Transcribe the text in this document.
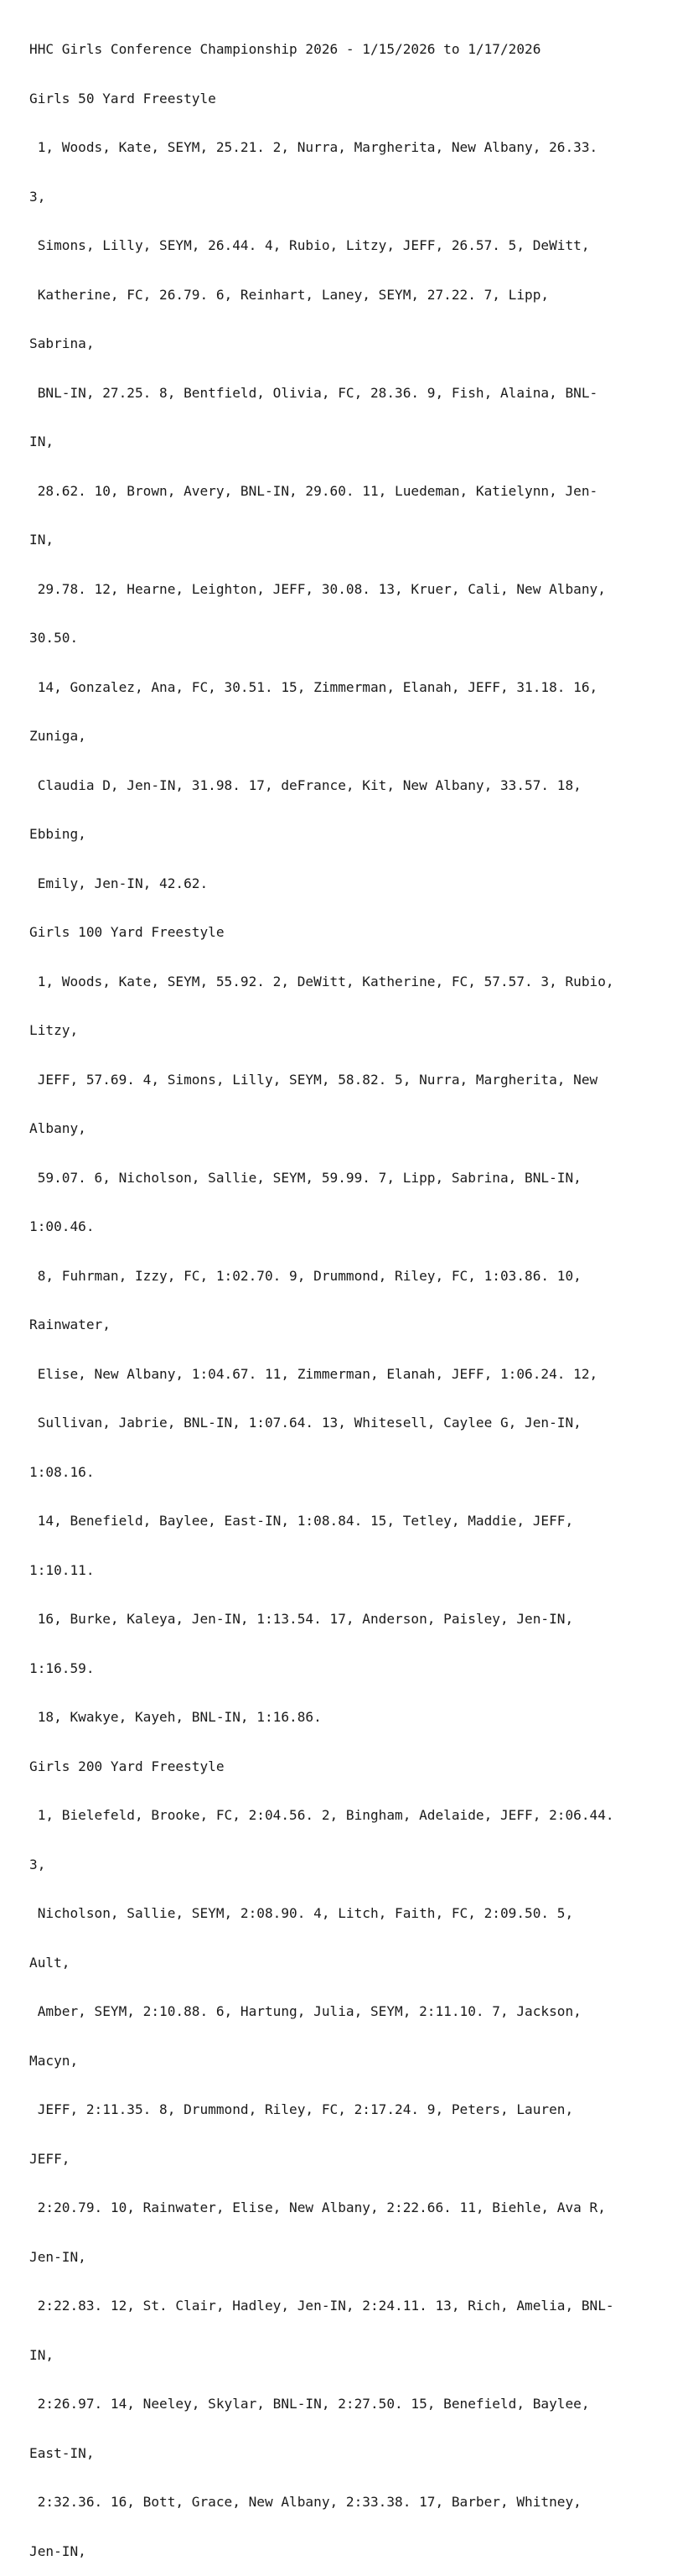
HHC Girls Conference Championship 2026 - 1/15/2026 to 1/17/2026

Girls 50 Yard Freestyle

1, Woods, Kate, SEYM, 25.21. 2, Nurra, Margherita, New Albany, 26.33.

3,

Simons, Lilly, SEYM, 26.44. 4, Rubio, Litzy, JEFF, 26.57. 5, DeWitt,

Katherine, FC, 26.79. 6, Reinhart, Laney, SEYM, 27.22. 7, Lipp,

Sabrina,

BNL-IN, 27.25. 8, Bentfield, Olivia, FC, 28.36. 9, Fish, Alaina, BNL-

IN,

28.62. 10, Brown, Avery, BNL-IN, 29.60. 11, Luedeman, Katielynn, Jen-

IN,

29.78. 12, Hearne, Leighton, JEFF, 30.08. 13, Kruer, Cali, New Albany,

30.50.

14, Gonzalez, Ana, FC, 30.51. 15, Zimmerman, Elanah, JEFF, 31.18. 16,

Zuniga,

Claudia D, Jen-IN, 31.98. 17, deFrance, Kit, New Albany, 33.57. 18,

Ebbing,

Emily, Jen-IN, 42.62.

Girls 100 Yard Freestyle

1, Woods, Kate, SEYM, 55.92. 2, DeWitt, Katherine, FC, 57.57. 3, Rubio,

Litzy,

JEFF, 57.69. 4, Simons, Lilly, SEYM, 58.82. 5, Nurra, Margherita, New

Albany,

59.07. 6, Nicholson, Sallie, SEYM, 59.99. 7, Lipp, Sabrina, BNL-IN,

1:00.46.

8, Fuhrman, Izzy, FC, 1:02.70. 9, Drummond, Riley, FC, 1:03.86. 10,

Rainwater,

Elise, New Albany, 1:04.67. 11, Zimmerman, Elanah, JEFF, 1:06.24. 12,

Sullivan, Jabrie, BNL-IN, 1:07.64. 13, Whitesell, Caylee G, Jen-IN,

1:08.16.

14, Benefield, Baylee, East-IN, 1:08.84. 15, Tetley, Maddie, JEFF,

1:10.11.

16, Burke, Kaleya, Jen-IN, 1:13.54. 17, Anderson, Paisley, Jen-IN,

1:16.59.

18, Kwakye, Kayeh, BNL-IN, 1:16.86.

Girls 200 Yard Freestyle

1, Bielefeld, Brooke, FC, 2:04.56. 2, Bingham, Adelaide, JEFF, 2:06.44.

3,

Nicholson, Sallie, SEYM, 2:08.90. 4, Litch, Faith, FC, 2:09.50. 5,

Ault,

Amber, SEYM, 2:10.88. 6, Hartung, Julia, SEYM, 2:11.10. 7, Jackson,

Macyn,

JEFF, 2:11.35. 8, Drummond, Riley, FC, 2:17.24. 9, Peters, Lauren,

JEFF,

2:20.79. 10, Rainwater, Elise, New Albany, 2:22.66. 11, Biehle, Ava R,

Jen-IN,

2:22.83. 12, St. Clair, Hadley, Jen-IN, 2:24.11. 13, Rich, Amelia, BNL-

IN,

2:26.97. 14, Neeley, Skylar, BNL-IN, 2:27.50. 15, Benefield, Baylee,

East-IN,

2:32.36. 16, Bott, Grace, New Albany, 2:33.38. 17, Barber, Whitney,

Jen-IN,
